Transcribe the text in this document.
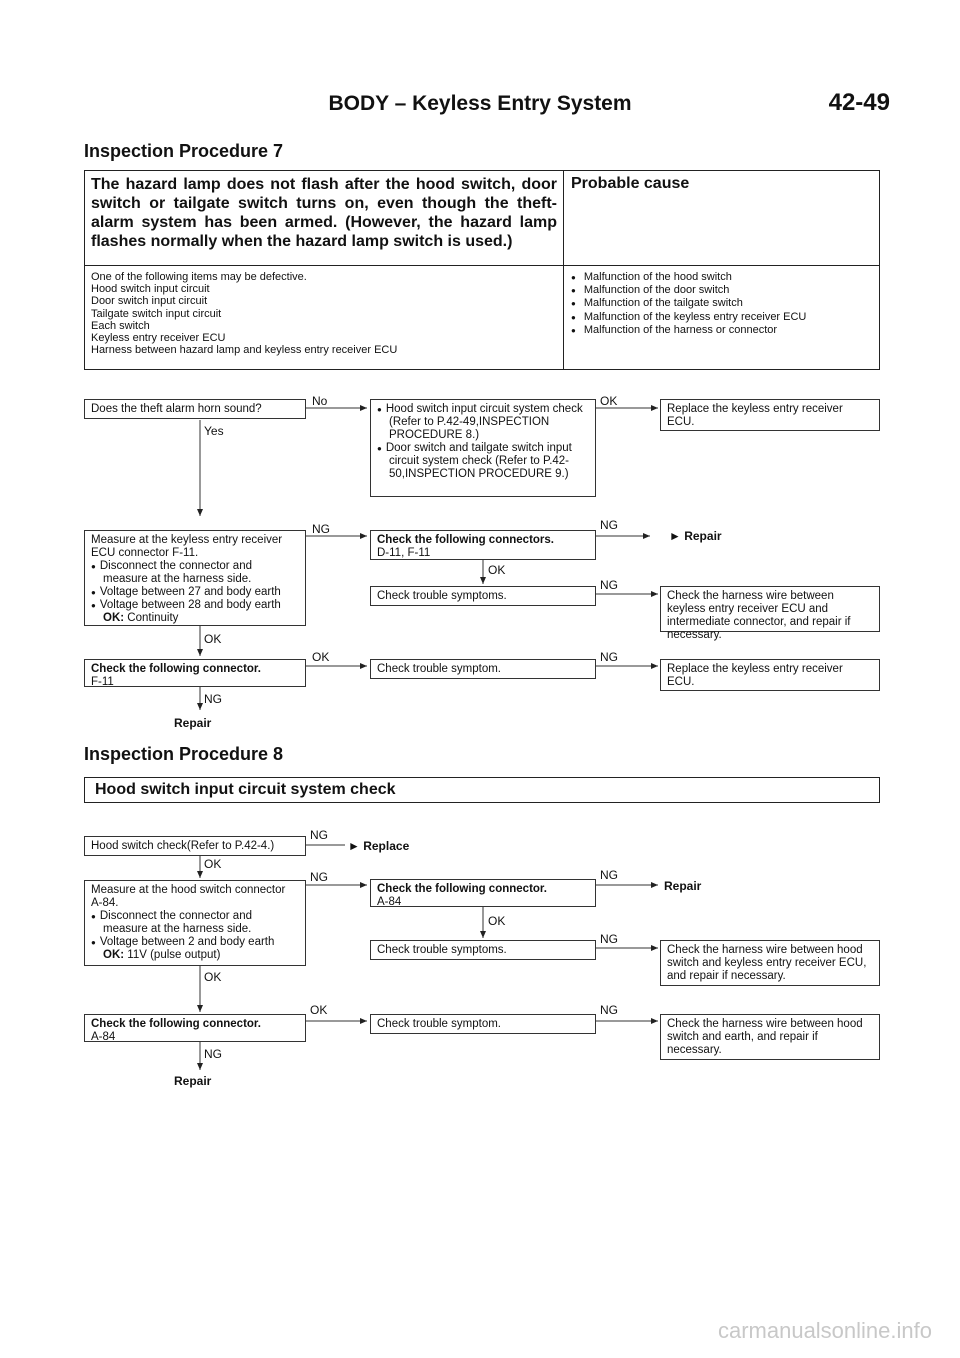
BODY – Keyless Entry System	42-49
Inspection Procedure 7
The hazard lamp does not flash after the hood switch, door switch or tailgate switch turns on, even though the theft-alarm system has been armed. (However, the hazard lamp flashes normally when the hazard lamp switch is used.)
Probable cause
One of the following items may be defective.
Hood switch input circuit
Door switch input circuit
Tailgate switch input circuit
Each switch
Keyless entry receiver ECU
Harness between hazard lamp and keyless entry receiver ECU
● Malfunction of the hood switch
● Malfunction of the door switch
● Malfunction of the tailgate switch
● Malfunction of the keyless entry receiver ECU
● Malfunction of the harness or connector
Does the theft alarm horn sound?
No
Yes
● Hood switch input circuit system check (Refer to P.42-49,INSPECTION PROCEDURE 8.)
● Door switch and tailgate switch input circuit system check (Refer to P.42-50,INSPECTION PROCEDURE 9.)
OK
Replace the keyless entry receiver ECU.
Measure at the keyless entry receiver ECU connector F-11.
● Disconnect the connector and measure at the harness side.
● Voltage between 27 and body earth
● Voltage between 28 and body earth
OK: Continuity
NG
Check the following connectors.
D-11, F-11
NG
► Repair
OK
Check trouble symptoms.
NG
Check the harness wire between keyless entry receiver ECU and intermediate connector, and repair if necessary.
OK
Check the following connector.
F-11
OK
Check trouble symptom.
NG
Replace the keyless entry receiver ECU.
NG
Repair
Inspection Procedure 8
Hood switch input circuit system check
Hood switch check(Refer to P.42-4.)
NG
► Replace
OK
Measure at the hood switch connector A-84.
● Disconnect the connector and measure at the harness side.
● Voltage between 2 and body earth
OK: 11V (pulse output)
NG
Check the following connector.
A-84
NG
Repair
OK
Check trouble symptoms.
NG
Check the harness wire between hood switch and keyless entry receiver ECU, and repair if necessary.
OK
Check the following connector.
A-84
OK
Check trouble symptom.
NG
Check the harness wire between hood switch and earth, and repair if necessary.
NG
Repair
carmanualsonline.info
